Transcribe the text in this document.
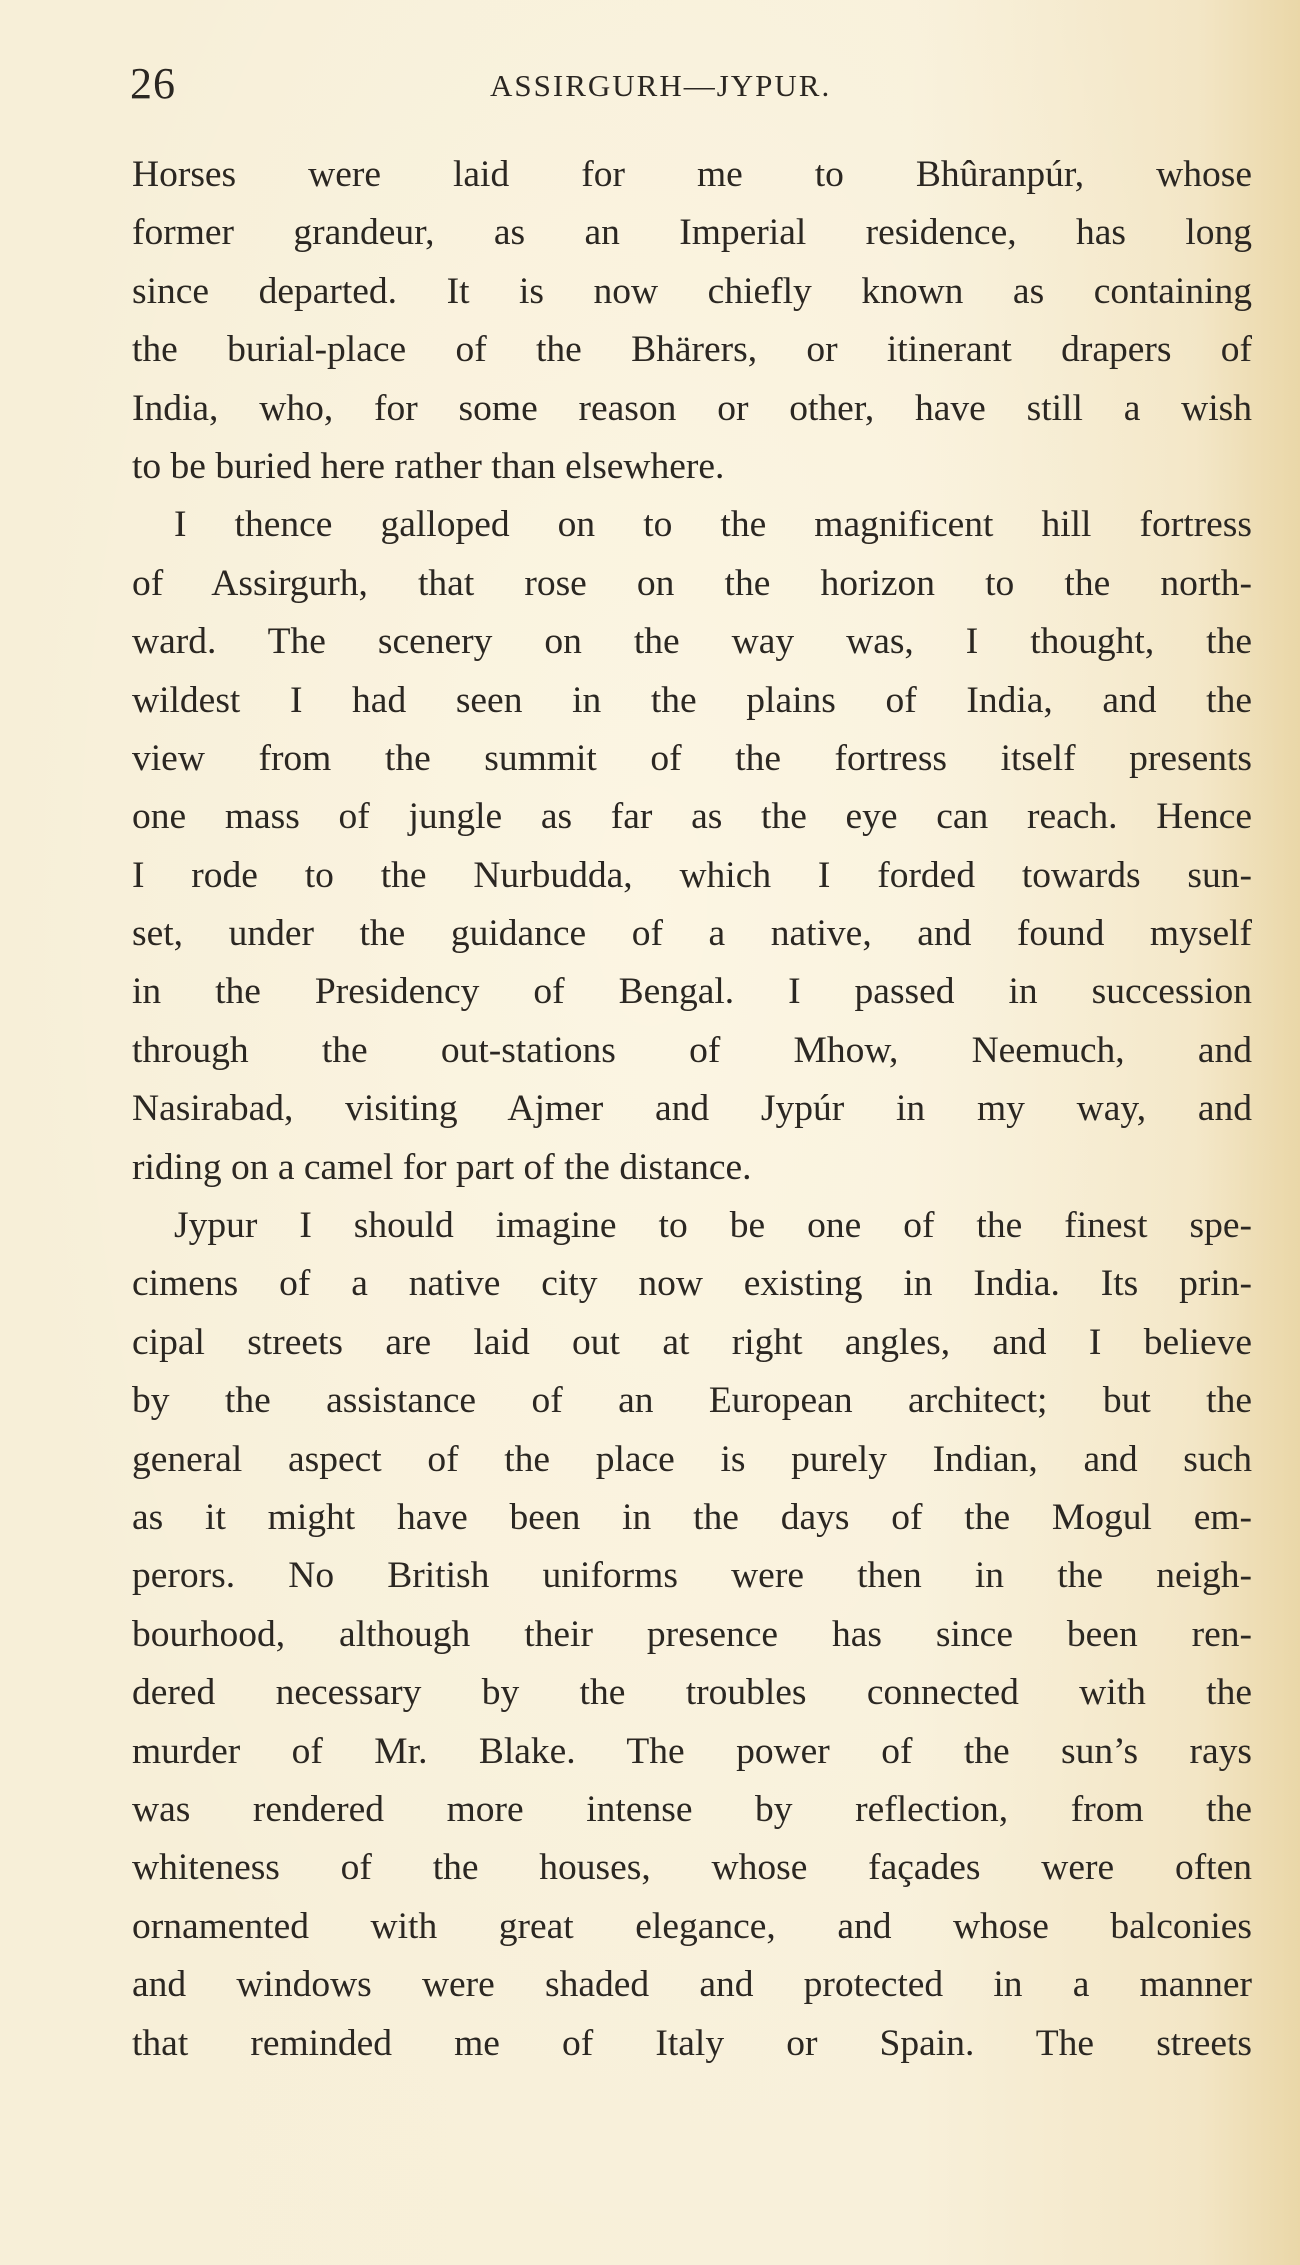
26	ASSIRGURH—JYPUR.
Horses were laid for me to Bhûranpúr, whose
former grandeur, as an Imperial residence, has long
since departed. It is now chiefly known as containing
the burial-place of the Bhärers, or itinerant drapers of
India, who, for some reason or other, have still a wish
to be buried here rather than elsewhere.
I thence galloped on to the magnificent hill fortress
of Assirgurh, that rose on the horizon to the north-
ward. The scenery on the way was, I thought, the
wildest I had seen in the plains of India, and the
view from the summit of the fortress itself presents
one mass of jungle as far as the eye can reach. Hence
I rode to the Nurbudda, which I forded towards sun-
set, under the guidance of a native, and found myself
in the Presidency of Bengal. I passed in succession
through the out-stations of Mhow, Neemuch, and
Nasirabad, visiting Ajmer and Jypúr in my way, and
riding on a camel for part of the distance.
Jypur I should imagine to be one of the finest spe-
cimens of a native city now existing in India. Its prin-
cipal streets are laid out at right angles, and I believe
by the assistance of an European architect; but the
general aspect of the place is purely Indian, and such
as it might have been in the days of the Mogul em-
perors. No British uniforms were then in the neigh-
bourhood, although their presence has since been ren-
dered necessary by the troubles connected with the
murder of Mr. Blake. The power of the sun’s rays
was rendered more intense by reflection, from the
whiteness of the houses, whose façades were often
ornamented with great elegance, and whose balconies
and windows were shaded and protected in a manner
that reminded me of Italy or Spain. The streets
